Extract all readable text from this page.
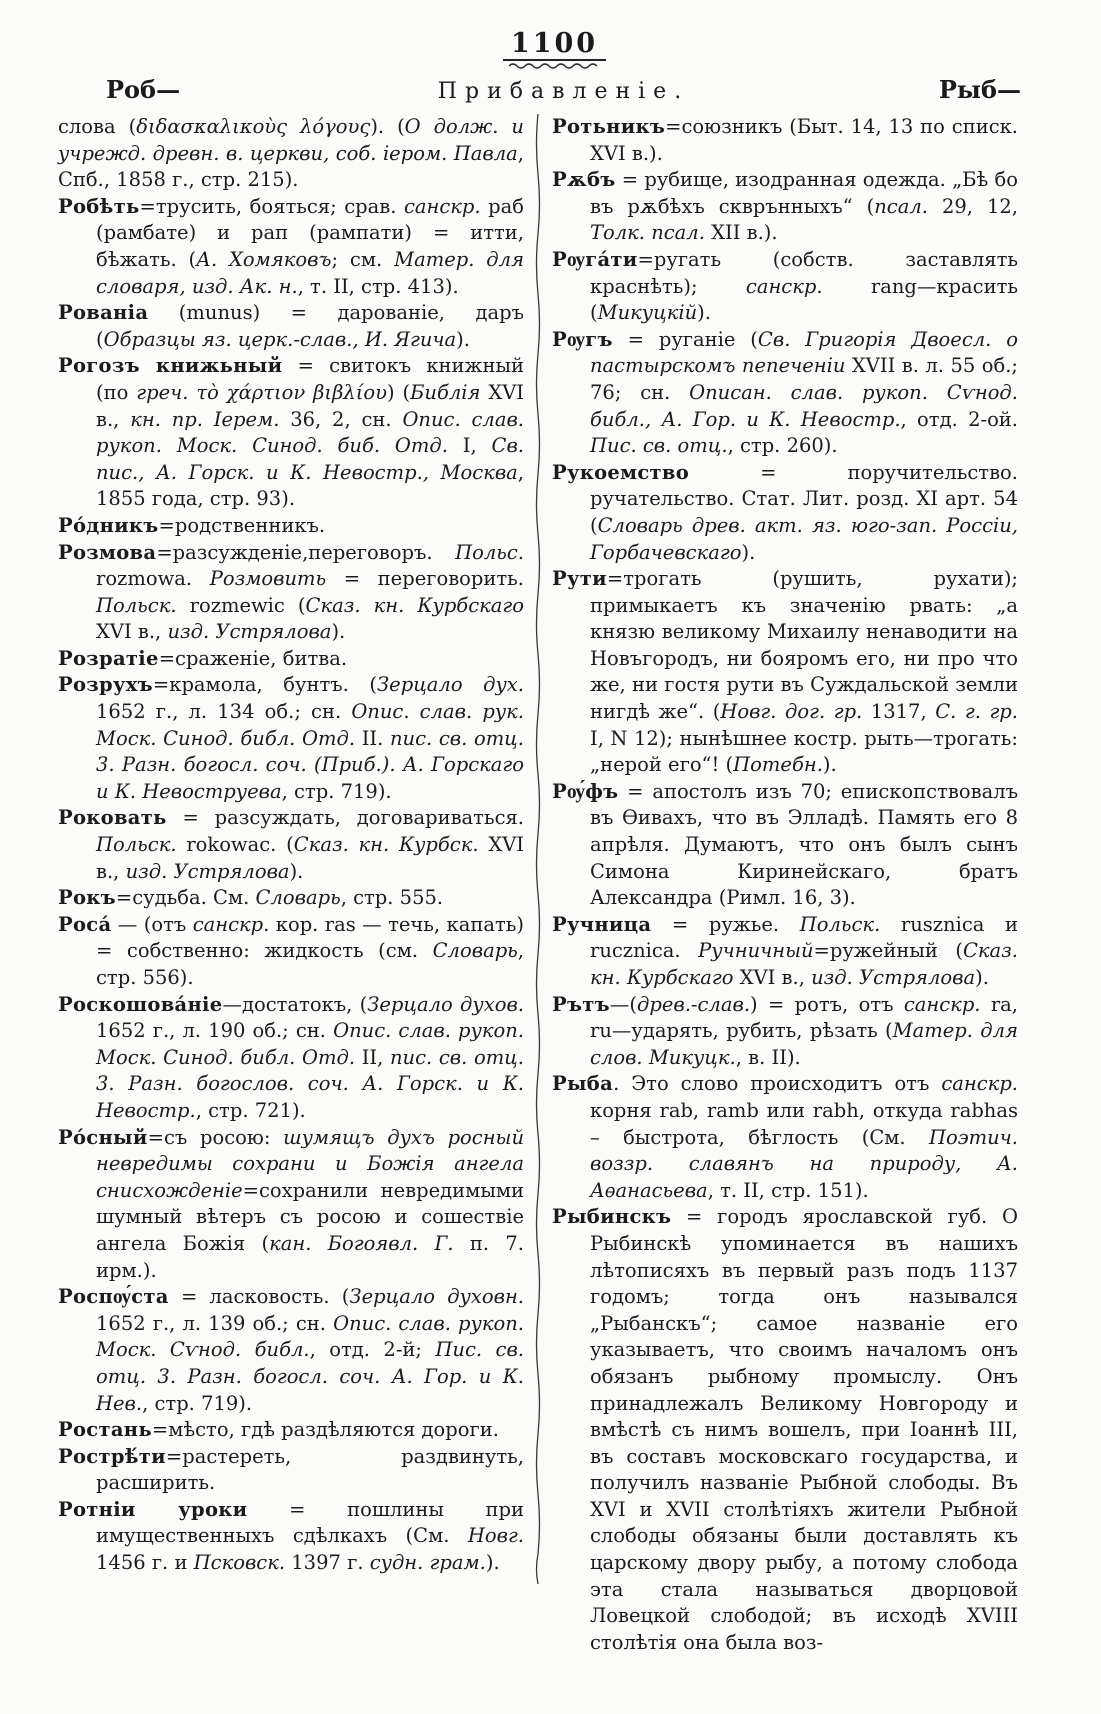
1100
Роб—	Прибавленіе.	Рыб—
слова (διδασκαλικοὺς λόγους). (О долж. и учрежд. древн. в. церкви, соб. іером. Павла, Спб., 1858 г., стр. 215).
Робѣть=трусить, бояться; срав. санскр. раб (рамбате) и рап (рампати) = итти, бѣжать. (А. Хомяковъ; см. Матер. для словаря, изд. Ак. н., т. II, стр. 413).
Рованіа (munus) = дарованіе, даръ (Образцы яз. церк.-слав., И. Ягича).
Рогозъ книжьный = свитокъ книжный (по греч. τὸ χάρτιον βιβλίου) (Библія XVI в., кн. пр. Іерем. 36, 2, сн. Опис. слав. рукоп. Моск. Синод. биб. Отд. I, Св. пис., А. Горск. и К. Невостр., Москва, 1855 года, стр. 93).
Ро́дникъ=родственникъ.
Розмова=разсужденіе,переговоръ. Польс. rozmowa. Розмовить = переговорить. Польск. rozmewic (Сказ. кн. Курбскаго XVI в., изд. Устрялова).
Розратіе=сраженіе, битва.
Розрухъ=крамола, бунтъ. (Зерцало дух. 1652 г., л. 134 об.; сн. Опис. слав. рук. Моск. Синод. библ. Отд. II. пис. св. отц. 3. Разн. богосл. соч. (Приб.). А. Горскаго и К. Невоструева, стр. 719).
Роковать = разсуждать, договариваться. Польск. rokowac. (Сказ. кн. Курбск. XVI в., изд. Устрялова).
Рокъ=судьба. См. Словарь, стр. 555.
Роса́ — (отъ санскр. кор. ras — течь, капать) = собственно: жидкость (см. Словарь, стр. 556).
Роскошова́ніе—достатокъ, (Зерцало духов. 1652 г., л. 190 об.; сн. Опис. слав. рукоп. Моск. Синод. библ. Отд. II, пис. св. отц. 3. Разн. богослов. соч. А. Горск. и К. Невостр., стр. 721).
Ро́сный=съ росою: шумящъ духъ росный невредимы сохрани и Божія ангела снисхожденіе=сохранили невредимыми шумный вѣтеръ съ росою и сошествіе ангела Божія (кан. Богоявл. Г. п. 7. ирм.).
Роспѹ́ста = ласковость. (Зерцало духовн. 1652 г., л. 139 об.; сн. Опис. слав. рукоп. Моск. Сѵнод. библ., отд. 2-й; Пис. св. отц. 3. Разн. богосл. соч. А. Гор. и К. Нев., стр. 719).
Ростань=мѣсто, гдѣ раздѣляются дороги.
Рострѣ́ти=растереть, раздвинуть, расширить.
Ротніи уроки = пошлины при имущественныхъ сдѣлкахъ (См. Новг. 1456 г. и Псковск. 1397 г. судн. грам.).
Ротьникъ=союзникъ (Быт. 14, 13 по списк. XVI в.).
Рѫбъ = рубище, изодранная одежда. „Бѣ бо въ рѫбѣхъ скврънныхъ“ (псал. 29, 12, Толк. псал. XII в.).
Рѹга́ти=ругать (собств. заставлять краснѣть); санскр. rang—красить (Микуцкій).
Рѹгъ = руганіе (Св. Григорія Двоесл. о пастырскомъ пепеченіи XVII в. л. 55 об.; 76; сн. Описан. слав. рукоп. Сѵнод. библ., А. Гор. и К. Невостр., отд. 2-ой. Пис. св. отц., стр. 260).
Рукоемство = поручительство. ручательство. Стат. Лит. розд. XI арт. 54 (Словарь древ. акт. яз. юго-зап. Россіи, Горбачевскаго).
Рути=трогать (рушить, рухати); примыкаетъ къ значенію рвать: „а князю великому Михаилу ненаводити на Новъгородъ, ни бояромъ его, ни про что же, ни гостя рути въ Суждальской земли нигдѣ же“. (Новг. дог. гр. 1317, С. г. гр. I, N 12); нынѣшнее костр. рыть—трогать: „нерой его“! (Потебн.).
Рѹ́фъ = апостолъ изъ 70; епископствовалъ въ Ѳивахъ, что въ Элладѣ. Память его 8 апрѣля. Думаютъ, что онъ былъ сынъ Симона Киринейскаго, братъ Александра (Римл. 16, 3).
Ручница = ружье. Польск. rusznica и rucznica. Ручничный=ружейный (Сказ. кн. Курбскаго XVI в., изд. Устрялова).
Рътъ—(древ.-слав.) = ротъ, отъ санскр. ra, ru—ударять, рубить, рѣзать (Матер. для слов. Микуцк., в. II).
Рыба. Это слово происходитъ отъ санскр. корня rab, ramb или rabh, откуда rabhas – быстрота, бѣглость (См. Поэтич. воззр. славянъ на природу, А. Аѳанасьева, т. II, стр. 151).
Рыбинскъ = городъ ярославской губ. О Рыбинскѣ упоминается въ нашихъ лѣтописяхъ въ первый разъ подъ 1137 годомъ; тогда онъ назывался „Рыбанскъ“; самое названіе его указываетъ, что своимъ началомъ онъ обязанъ рыбному промыслу. Онъ принадлежалъ Великому Новгороду и вмѣстѣ съ нимъ вошелъ, при Іоаннѣ III, въ составъ московскаго государства, и получилъ названіе Рыбной слободы. Въ XVI и XVII столѣтіяхъ жители Рыбной слободы обязаны были доставлять къ царскому двору рыбу, а потому слобода эта стала называться дворцовой Ловецкой слободой; въ исходѣ XVIII столѣтія она была воз-
